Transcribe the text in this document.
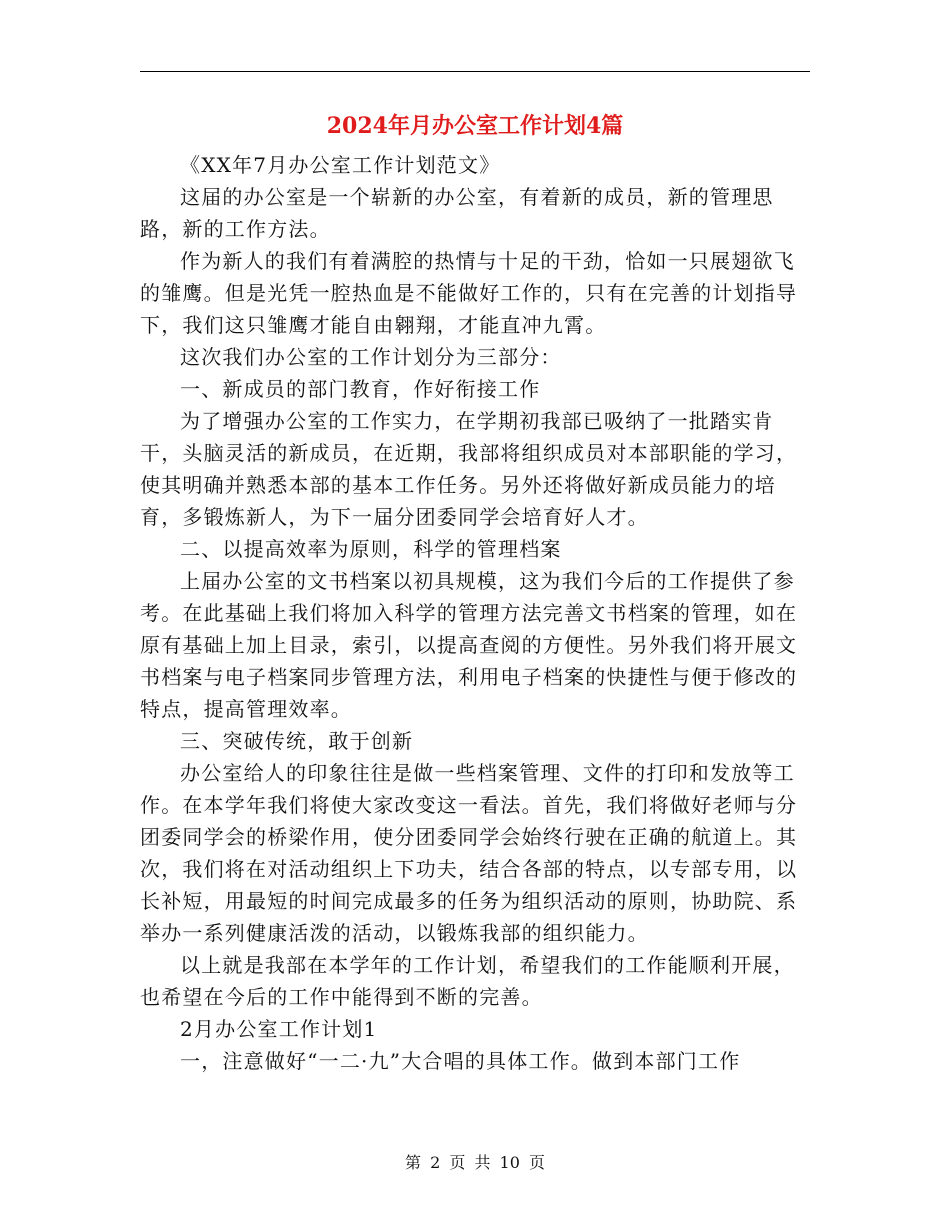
2024年月办公室工作计划4篇

《XX年7月办公室工作计划范文》

这届的办公室是一个崭新的办公室，有着新的成员，新的管理思路，新的工作方法。

作为新人的我们有着满腔的热情与十足的干劲，恰如一只展翅欲飞的雏鹰。但是光凭一腔热血是不能做好工作的，只有在完善的计划指导下，我们这只雏鹰才能自由翱翔，才能直冲九霄。

这次我们办公室的工作计划分为三部分：

一、新成员的部门教育，作好衔接工作

为了增强办公室的工作实力，在学期初我部已吸纳了一批踏实肯干，头脑灵活的新成员，在近期，我部将组织成员对本部职能的学习，使其明确并熟悉本部的基本工作任务。另外还将做好新成员能力的培育，多锻炼新人，为下一届分团委同学会培育好人才。

二、以提高效率为原则，科学的管理档案

上届办公室的文书档案以初具规模，这为我们今后的工作提供了参考。在此基础上我们将加入科学的管理方法完善文书档案的管理，如在原有基础上加上目录，索引，以提高查阅的方便性。另外我们将开展文书档案与电子档案同步管理方法，利用电子档案的快捷性与便于修改的特点，提高管理效率。

三、突破传统，敢于创新

办公室给人的印象往往是做一些档案管理、文件的打印和发放等工作。在本学年我们将使大家改变这一看法。首先，我们将做好老师与分团委同学会的桥梁作用，使分团委同学会始终行驶在正确的航道上。其次，我们将在对活动组织上下功夫，结合各部的特点，以专部专用，以长补短，用最短的时间完成最多的任务为组织活动的原则，协助院、系举办一系列健康活泼的活动，以锻炼我部的组织能力。

以上就是我部在本学年的工作计划，希望我们的工作能顺利开展，也希望在今后的工作中能得到不断的完善。

2月办公室工作计划1

一，注意做好“一二·九”大合唱的具体工作。做到本部门工作

第 2 页 共 10 页
